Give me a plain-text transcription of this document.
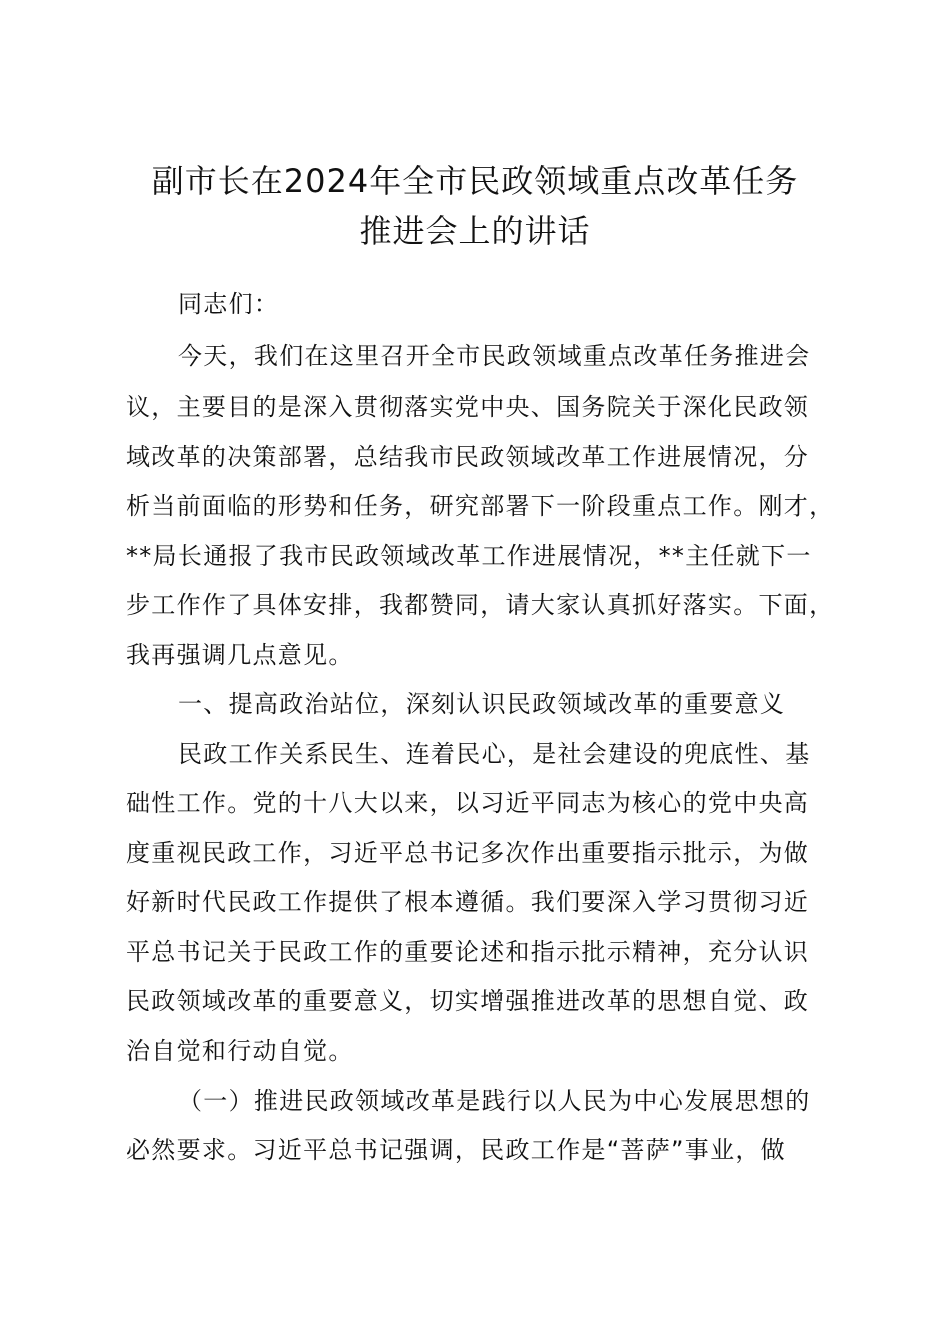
副市长在2024年全市民政领域重点改革任务
推进会上的讲话
同志们：
今天，我们在这里召开全市民政领域重点改革任务推进会
议，主要目的是深入贯彻落实党中央、国务院关于深化民政领
域改革的决策部署，总结我市民政领域改革工作进展情况，分
析当前面临的形势和任务，研究部署下一阶段重点工作。刚才，
**局长通报了我市民政领域改革工作进展情况，**主任就下一
步工作作了具体安排，我都赞同，请大家认真抓好落实。下面，
我再强调几点意见。
一、提高政治站位，深刻认识民政领域改革的重要意义
民政工作关系民生、连着民心，是社会建设的兜底性、基
础性工作。党的十八大以来，以习近平同志为核心的党中央高
度重视民政工作，习近平总书记多次作出重要指示批示，为做
好新时代民政工作提供了根本遵循。我们要深入学习贯彻习近
平总书记关于民政工作的重要论述和指示批示精神，充分认识
民政领域改革的重要意义，切实增强推进改革的思想自觉、政
治自觉和行动自觉。
（一）推进民政领域改革是践行以人民为中心发展思想的
必然要求。习近平总书记强调，民政工作是“菩萨”事业，做
